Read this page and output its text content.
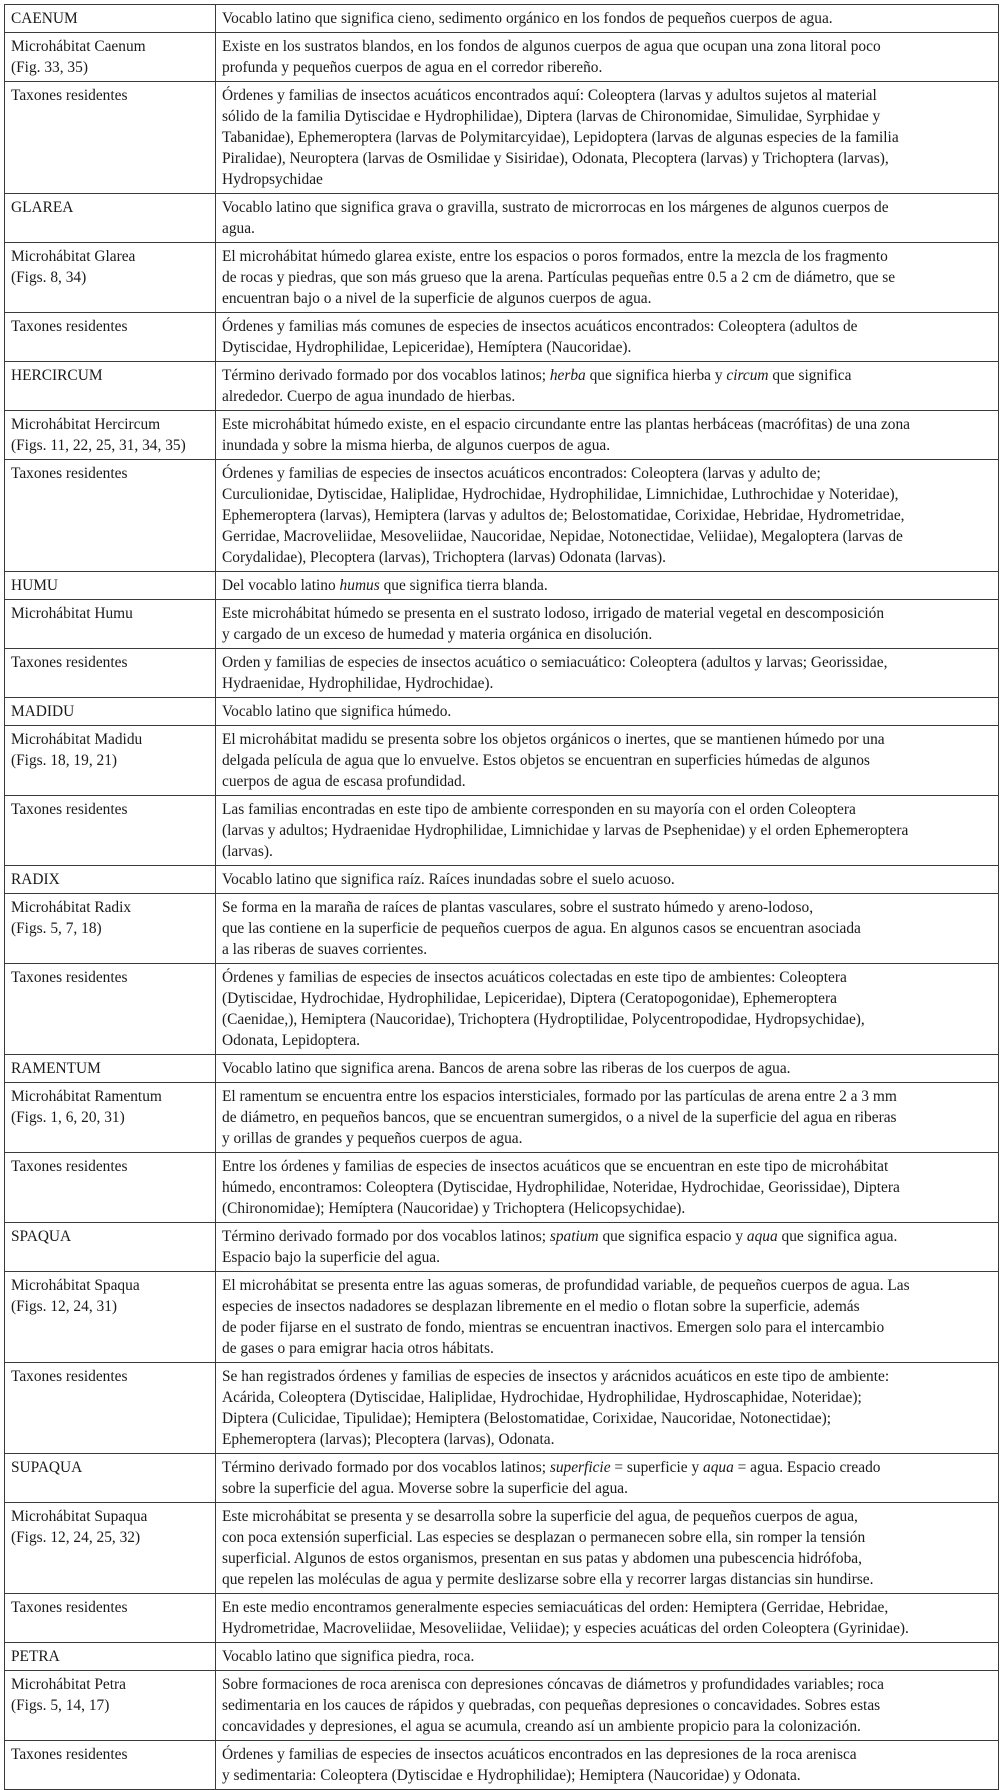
CAENUM	Vocablo latino que significa cieno, sedimento orgánico en los fondos de pequeños cuerpos de agua.

Microhábitat Caenum
(Fig. 33, 35)	Existe en los sustratos blandos, en los fondos de algunos cuerpos de agua que ocupan una zona litoral poco
profunda y pequeños cuerpos de agua en el corredor ribereño.

Taxones residentes	Órdenes y familias de insectos acuáticos encontrados aquí: Coleoptera (larvas y adultos sujetos al material
sólido de la familia Dytiscidae e Hydrophilidae), Diptera (larvas de Chironomidae, Simulidae, Syrphidae y
Tabanidae), Ephemeroptera (larvas de Polymitarcyidae), Lepidoptera (larvas de algunas especies de la familia
Piralidae), Neuroptera (larvas de Osmilidae y Sisiridae), Odonata, Plecoptera (larvas) y Trichoptera (larvas),
Hydropsychidae

GLAREA	Vocablo latino que significa grava o gravilla, sustrato de microrrocas en los márgenes de algunos cuerpos de
agua.

Microhábitat Glarea
(Figs. 8, 34)	El microhábitat húmedo glarea existe, entre los espacios o poros formados, entre la mezcla de los fragmento
de rocas y piedras, que son más grueso que la arena. Partículas pequeñas entre 0.5 a 2 cm de diámetro, que se
encuentran bajo o a nivel de la superficie de algunos cuerpos de agua.

Taxones residentes	Órdenes y familias más comunes de especies de insectos acuáticos encontrados: Coleoptera (adultos de
Dytiscidae, Hydrophilidae, Lepiceridae), Hemíptera (Naucoridae).

HERCIRCUM	Término derivado formado por dos vocablos latinos; herba que significa hierba y circum que significa
alrededor. Cuerpo de agua inundado de hierbas.

Microhábitat Hercircum
(Figs. 11, 22, 25, 31, 34, 35)	Este microhábitat húmedo existe, en el espacio circundante entre las plantas herbáceas (macrófitas) de una zona
inundada y sobre la misma hierba, de algunos cuerpos de agua.

Taxones residentes	Órdenes y familias de especies de insectos acuáticos encontrados: Coleoptera (larvas y adulto de;
Curculionidae, Dytiscidae, Haliplidae, Hydrochidae, Hydrophilidae, Limnichidae, Luthrochidae y Noteridae),
Ephemeroptera (larvas), Hemiptera (larvas y adultos de; Belostomatidae, Corixidae, Hebridae, Hydrometridae,
Gerridae, Macroveliidae, Mesoveliidae, Naucoridae, Nepidae, Notonectidae, Veliidae), Megaloptera (larvas de
Corydalidae), Plecoptera (larvas), Trichoptera (larvas) Odonata (larvas).

HUMU	Del vocablo latino humus que significa tierra blanda.

Microhábitat Humu	Este microhábitat húmedo se presenta en el sustrato lodoso, irrigado de material vegetal en descomposición
y cargado de un exceso de humedad y materia orgánica en disolución.

Taxones residentes	Orden y familias de especies de insectos acuático o semiacuático: Coleoptera (adultos y larvas; Georissidae,
Hydraenidae, Hydrophilidae, Hydrochidae).

MADIDU	Vocablo latino que significa húmedo.

Microhábitat Madidu
(Figs. 18, 19, 21)	El microhábitat madidu se presenta sobre los objetos orgánicos o inertes, que se mantienen húmedo por una
delgada película de agua que lo envuelve. Estos objetos se encuentran en superficies húmedas de algunos
cuerpos de agua de escasa profundidad.

Taxones residentes	Las familias encontradas en este tipo de ambiente corresponden en su mayoría con el orden Coleoptera
(larvas y adultos; Hydraenidae Hydrophilidae, Limnichidae y larvas de Psephenidae) y el orden Ephemeroptera
(larvas).

RADIX	Vocablo latino que significa raíz. Raíces inundadas sobre el suelo acuoso.

Microhábitat Radix
(Figs. 5, 7, 18)	Se forma en la maraña de raíces de plantas vasculares, sobre el sustrato húmedo y areno-lodoso,
que las contiene en la superficie de pequeños cuerpos de agua. En algunos casos se encuentran asociada
a las riberas de suaves corrientes.

Taxones residentes	Órdenes y familias de especies de insectos acuáticos colectadas en este tipo de ambientes: Coleoptera
(Dytiscidae, Hydrochidae, Hydrophilidae, Lepiceridae), Diptera (Ceratopogonidae), Ephemeroptera
(Caenidae,), Hemiptera (Naucoridae), Trichoptera (Hydroptilidae, Polycentropodidae, Hydropsychidae),
Odonata, Lepidoptera.

RAMENTUM	Vocablo latino que significa arena. Bancos de arena sobre las riberas de los cuerpos de agua.

Microhábitat Ramentum
(Figs. 1, 6, 20, 31)	El ramentum se encuentra entre los espacios intersticiales, formado por las partículas de arena entre 2 a 3 mm
de diámetro, en pequeños bancos, que se encuentran sumergidos, o a nivel de la superficie del agua en riberas
y orillas de grandes y pequeños cuerpos de agua.

Taxones residentes	Entre los órdenes y familias de especies de insectos acuáticos que se encuentran en este tipo de microhábitat
húmedo, encontramos: Coleoptera (Dytiscidae, Hydrophilidae, Noteridae, Hydrochidae, Georissidae), Diptera
(Chironomidae); Hemíptera (Naucoridae) y Trichoptera (Helicopsychidae).

SPAQUA	Término derivado formado por dos vocablos latinos; spatium que significa espacio y aqua que significa agua.
Espacio bajo la superficie del agua.

Microhábitat Spaqua
(Figs. 12, 24, 31)	El microhábitat se presenta entre las aguas someras, de profundidad variable, de pequeños cuerpos de agua. Las
especies de insectos nadadores se desplazan libremente en el medio o flotan sobre la superficie, además
de poder fijarse en el sustrato de fondo, mientras se encuentran inactivos. Emergen solo para el intercambio
de gases o para emigrar hacia otros hábitats.

Taxones residentes	Se han registrados órdenes y familias de especies de insectos y arácnidos acuáticos en este tipo de ambiente:
Acárida, Coleoptera (Dytiscidae, Haliplidae, Hydrochidae, Hydrophilidae, Hydroscaphidae, Noteridae);
Diptera (Culicidae, Tipulidae); Hemiptera (Belostomatidae, Corixidae, Naucoridae, Notonectidae);
Ephemeroptera (larvas); Plecoptera (larvas), Odonata.

SUPAQUA	Término derivado formado por dos vocablos latinos; superficie = superficie y aqua = agua. Espacio creado
sobre la superficie del agua. Moverse sobre la superficie del agua.

Microhábitat Supaqua
(Figs. 12, 24, 25, 32)	Este microhábitat se presenta y se desarrolla sobre la superficie del agua, de pequeños cuerpos de agua,
con poca extensión superficial. Las especies se desplazan o permanecen sobre ella, sin romper la tensión
superficial. Algunos de estos organismos, presentan en sus patas y abdomen una pubescencia hidrófoba,
que repelen las moléculas de agua y permite deslizarse sobre ella y recorrer largas distancias sin hundirse.

Taxones residentes	En este medio encontramos generalmente especies semiacuáticas del orden: Hemiptera (Gerridae, Hebridae,
Hydrometridae, Macroveliidae, Mesoveliidae, Veliidae); y especies acuáticas del orden Coleoptera (Gyrinidae).

PETRA	Vocablo latino que significa piedra, roca.

Microhábitat Petra
(Figs. 5, 14, 17)	Sobre formaciones de roca arenisca con depresiones cóncavas de diámetros y profundidades variables; roca
sedimentaria en los cauces de rápidos y quebradas, con pequeñas depresiones o concavidades. Sobres estas
concavidades y depresiones, el agua se acumula, creando así un ambiente propicio para la colonización.

Taxones residentes	Órdenes y familias de especies de insectos acuáticos encontrados en las depresiones de la roca arenisca
y sedimentaria: Coleoptera (Dytiscidae e Hydrophilidae); Hemiptera (Naucoridae) y Odonata.
